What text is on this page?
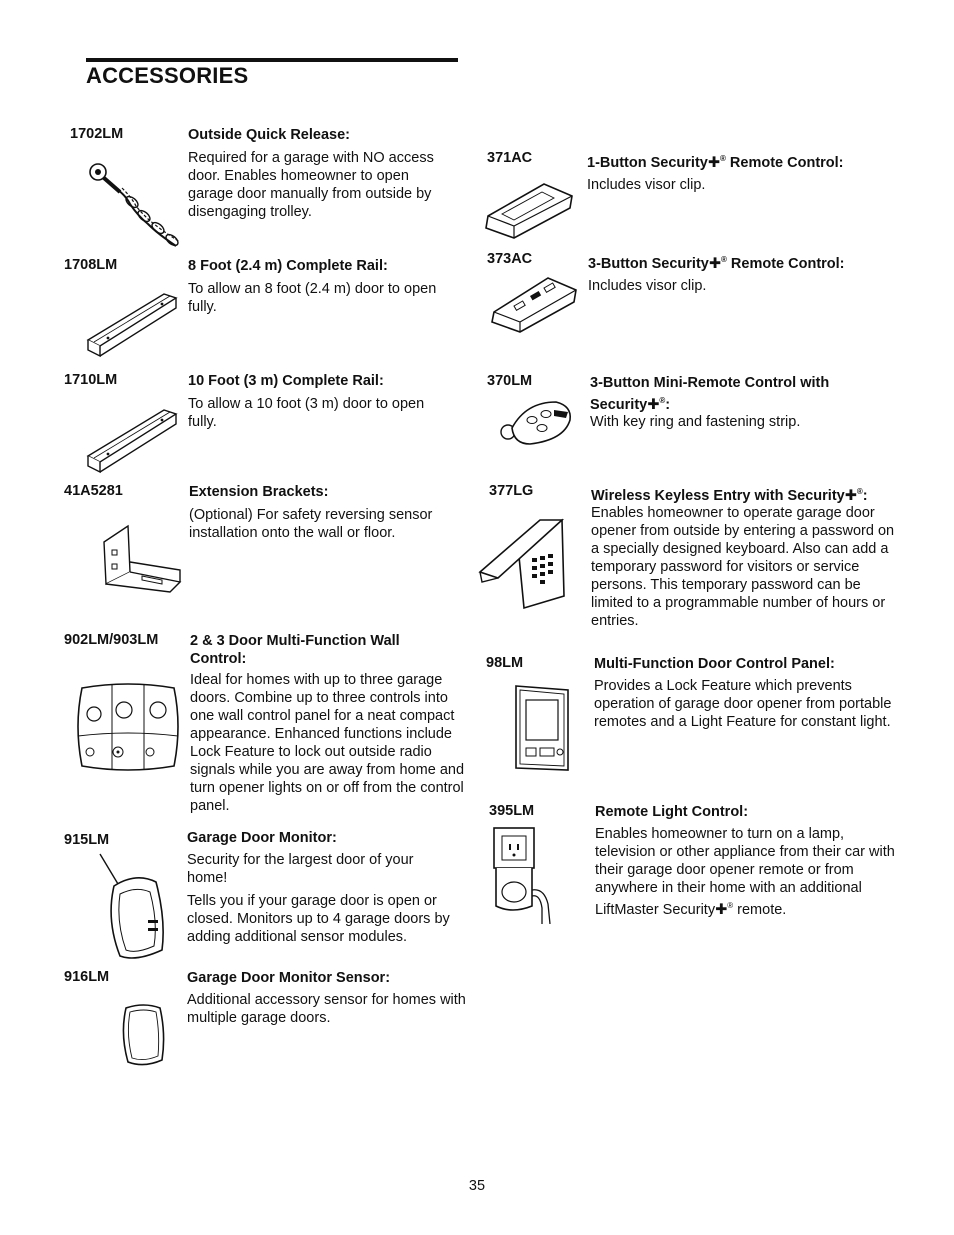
ACCESSORIES
1702LM	Outside Quick Release:
Required for a garage with NO access door. Enables homeowner to open garage door manually from outside by disengaging trolley.
1708LM	8 Foot (2.4 m) Complete Rail:
To allow an 8 foot (2.4 m) door to open fully.
1710LM	10 Foot (3 m) Complete Rail:
To allow a 10 foot (3 m) door to open fully.
41A5281	Extension Brackets:
(Optional) For safety reversing sensor installation onto the wall or floor.
902LM/903LM 2 & 3 Door Multi-Function Wall Control:
Ideal for homes with up to three garage doors. Combine up to three controls into one wall control panel for a neat compact appearance. Enhanced functions include Lock Feature to lock out outside radio signals while you are away from home and turn opener lights on or off from the control panel.
915LM	Garage Door Monitor:
Security for the largest door of your home!
Tells you if your garage door is open or closed. Monitors up to 4 garage doors by adding additional sensor modules.
916LM	Garage Door Monitor Sensor:
Additional accessory sensor for homes with multiple garage doors.
371AC	1-Button Security✚® Remote Control:
Includes visor clip.
373AC	3-Button Security✚® Remote Control:
Includes visor clip.
370LM	3-Button Mini-Remote Control with Security✚®:
With key ring and fastening strip.
377LG	Wireless Keyless Entry with Security✚®:
Enables homeowner to operate garage door opener from outside by entering a password on a specially designed keyboard. Also can add a temporary password for visitors or service persons. This temporary password can be limited to a programmable number of hours or entries.
98LM	Multi-Function Door Control Panel:
Provides a Lock Feature which prevents operation of garage door opener from portable remotes and a Light Feature for constant light.
395LM	Remote Light Control:
Enables homeowner to turn on a lamp, television or other appliance from their car with their garage door opener remote or from anywhere in their home with an additional LiftMaster Security✚® remote.
35
